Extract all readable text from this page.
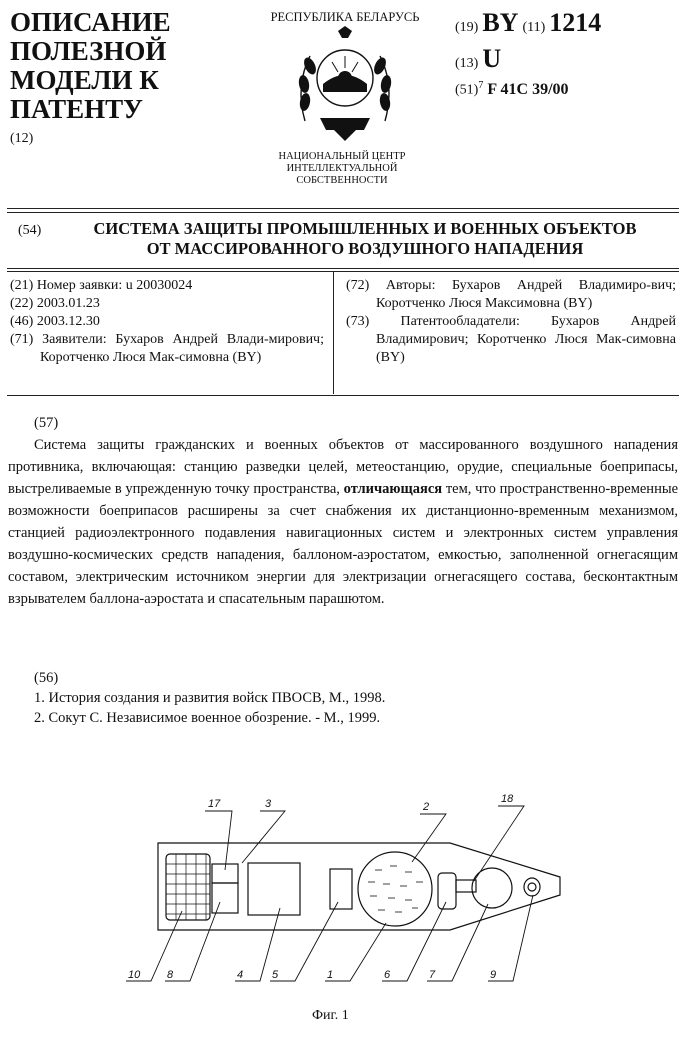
ОПИСАНИЕ
ПОЛЕЗНОЙ
МОДЕЛИ К
ПАТЕНТУ
(12)
РЕСПУБЛИКА БЕЛАРУСЬ
НАЦИОНАЛЬНЫЙ ЦЕНТР
ИНТЕЛЛЕКТУАЛЬНОЙ
СОБСТВЕННОСТИ
(19) BY (11) 1214
(13) U
$(51)^7$ F 41C 39/00
(54)	СИСТЕМА ЗАЩИТЫ ПРОМЫШЛЕННЫХ И ВОЕННЫХ ОБЪЕКТОВ
ОТ МАССИРОВАННОГО ВОЗДУШНОГО НАПАДЕНИЯ
(21) Номер заявки: u 20030024
(22) 2003.01.23
(46) 2003.12.30
(71) Заявители: Бухаров Андрей Влади-мирович; Коротченко Люся Мак-симовна (BY)
(72) Авторы: Бухаров Андрей Владимиро-вич; Коротченко Люся Максимовна (BY)
(73) Патентообладатели: Бухаров Андрей Владимирович; Коротченко Люся Мак-симовна (BY)
(57)

Система защиты гражданских и военных объектов от массированного воздушного нападения противника, включающая: станцию разведки целей, метеостанцию, орудие, специальные боеприпасы, выстреливаемые в упрежденную точку пространства, отличающаяся тем, что пространственно-временные возможности боеприпасов расширены за счет снабжения их дистанционно-временным механизмом, станцией радиоэлектронного подавления навигационных систем и электронных систем управления воздушно-космических средств нападения, баллоном-аэростатом, емкостью, заполненной огнегасящим составом, электрическим источником энергии для электризации огнегасящего состава, бесконтактным взрывателем баллона-аэростата и спасательным парашютом.

(56)
1. История создания и развития войск ПВОСВ, М., 1998.
2. Сокут С. Независимое военное обозрение. - М., 1999.
17	3	2
18
10 8	4	5	1	6	7	9
Фиг. 1
